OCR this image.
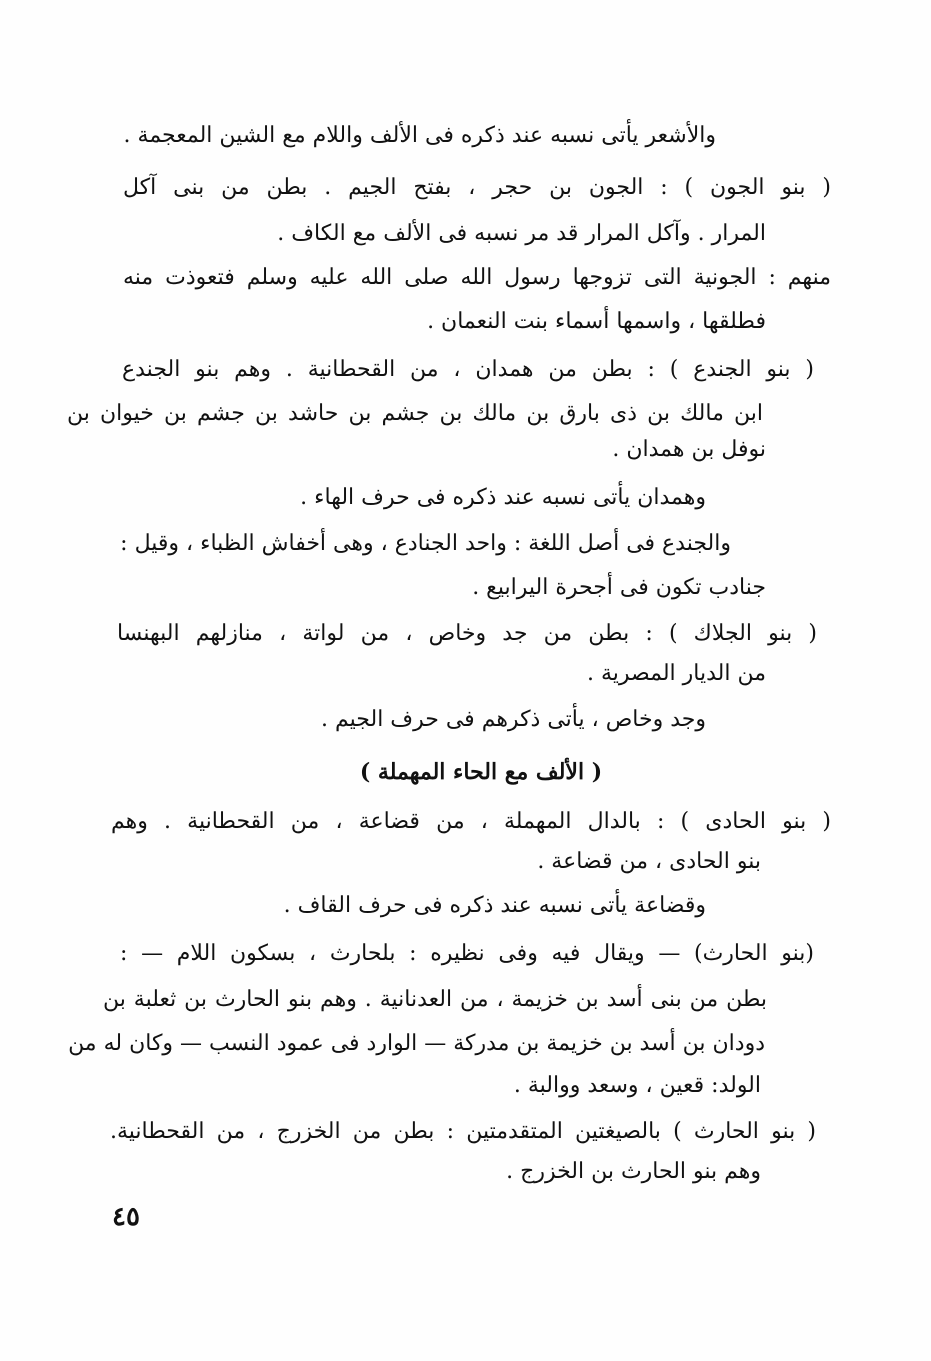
والأشعر يأتى نسبه عند ذكره فى الألف واللام مع الشين المعجمة .
( بنو الجون ) : الجون بن حجر ، بفتح الجيم . بطن من بنى آكل
المرار . وآكل المرار قد مر نسبه فى الألف مع الكاف .
منهم : الجونية التى تزوجها رسول الله صلى الله عليه وسلم فتعوذت منه
فطلقها ، واسمها أسماء بنت النعمان .
( بنو الجندع ) : بطن من همدان ، من القحطانية . وهم بنو الجندع
ابن مالك بن ذى بارق بن مالك بن جشم بن حاشد بن جشم بن خيوان بن
نوفل بن همدان .
وهمدان يأتى نسبه عند ذكره فى حرف الهاء .
والجندع فى أصل اللغة : واحد الجنادع ، وهى أخفاش الظباء ، وقيل :
جنادب تكون فى أجحرة اليرابيع .
( بنو الجلاك ) : بطن من جد وخاص ، من لواتة ، منازلهم البهنسا
من الديار المصرية .
وجد وخاص ، يأتى ذكرهم فى حرف الجيم .
( الألف مع الحاء المهملة )
( بنو الحادى ) : بالدال المهملة ، من قضاعة ، من القحطانية . وهم
بنو الحادى ، من قضاعة .
وقضاعة يأتى نسبه عند ذكره فى حرف القاف .
(بنو الحارث) — ويقال فيه وفى نظيره : بلحارث ، بسكون اللام — :
بطن من بنى أسد بن خزيمة ، من العدنانية . وهم بنو الحارث بن ثعلبة بن
دودان بن أسد بن خزيمة بن مدركة — الوارد فى عمود النسب — وكان له من
الولد: قعين ، وسعد ووالبة .
( بنو الحارث ) بالصيغتين المتقدمتين : بطن من الخزرج ، من القحطانية.
وهم بنو الحارث بن الخزرج .
٤٥
